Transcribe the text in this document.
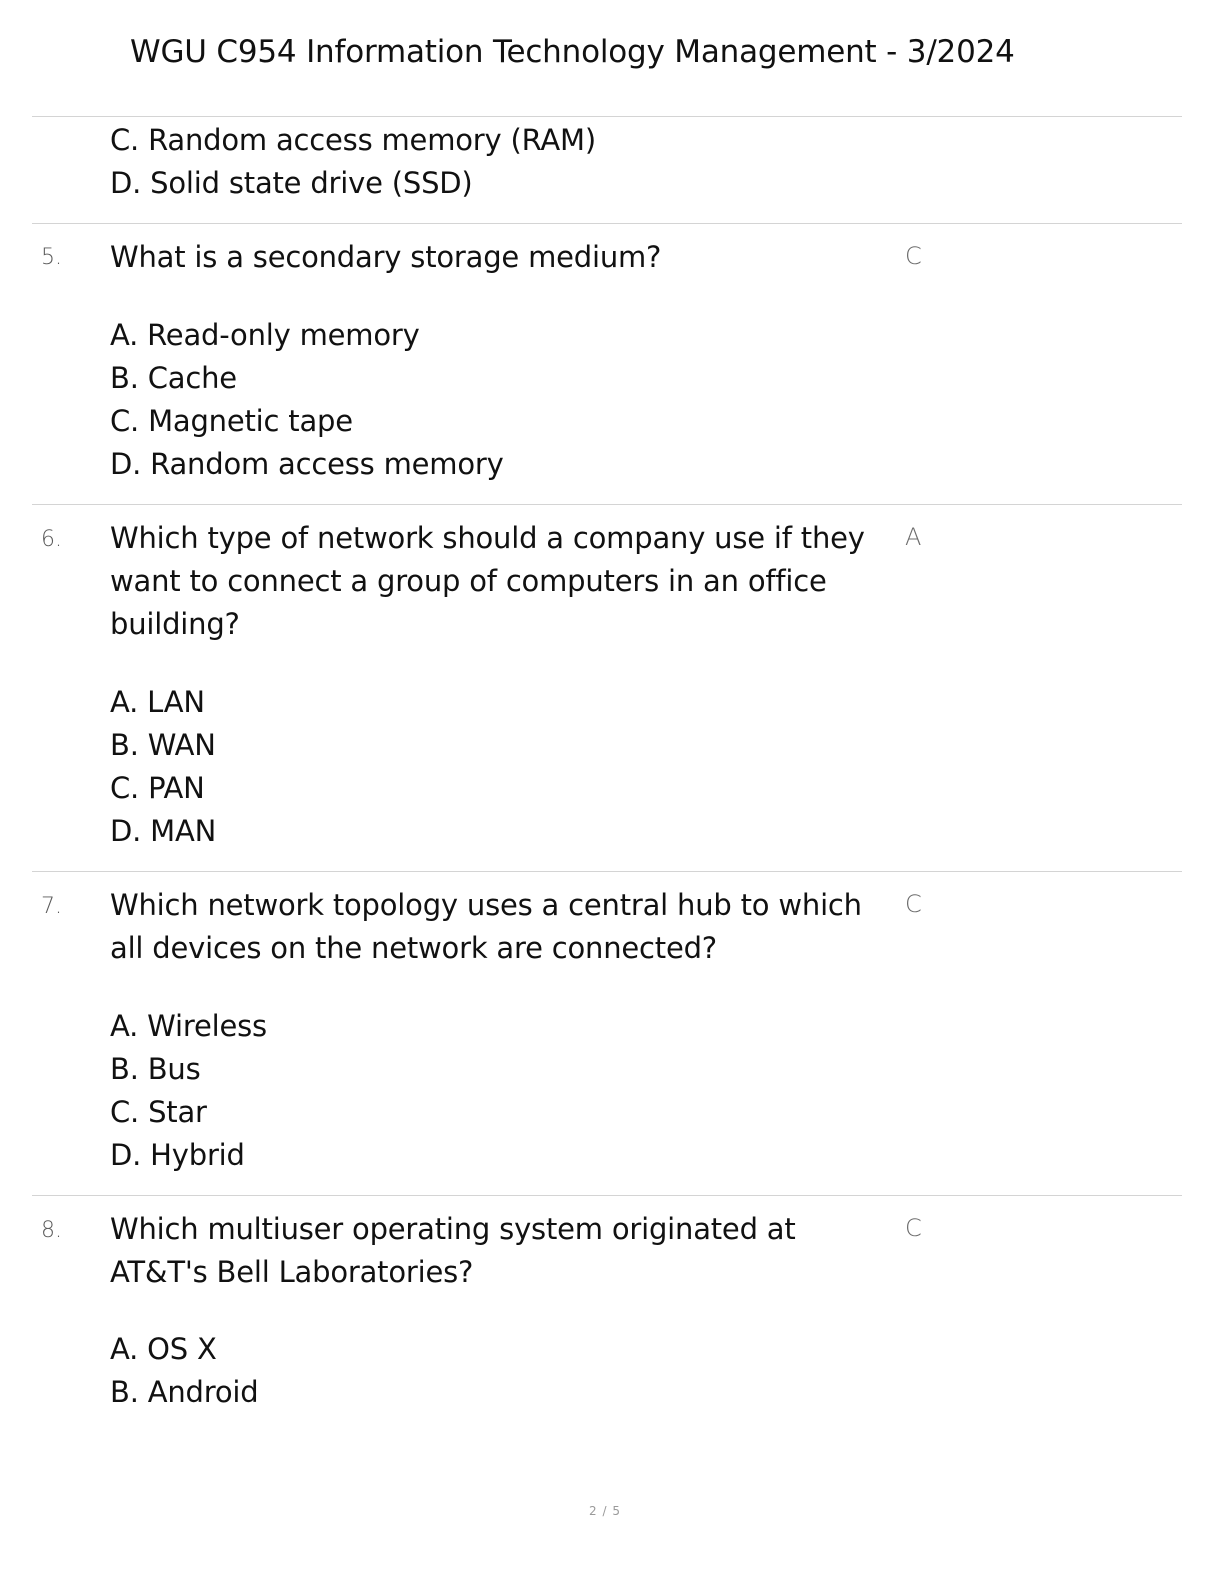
WGU C954 Information Technology Management - 3/2024
C. Random access memory (RAM)
D. Solid state drive (SSD)
5. What is a secondary storage medium?	C
A. Read-only memory
B. Cache
C. Magnetic tape
D. Random access memory
6. Which type of network should a company use if they want to connect a group of computers in an office building?
A
A. LAN
B. WAN
C. PAN
D. MAN
7. Which network topology uses a central hub to which all devices on the network are connected?
C
A. Wireless
B. Bus
C. Star
D. Hybrid
8. Which multiuser operating system originated at AT&T's Bell Laboratories?
C
A. OS X
B. Android
2 / 5
